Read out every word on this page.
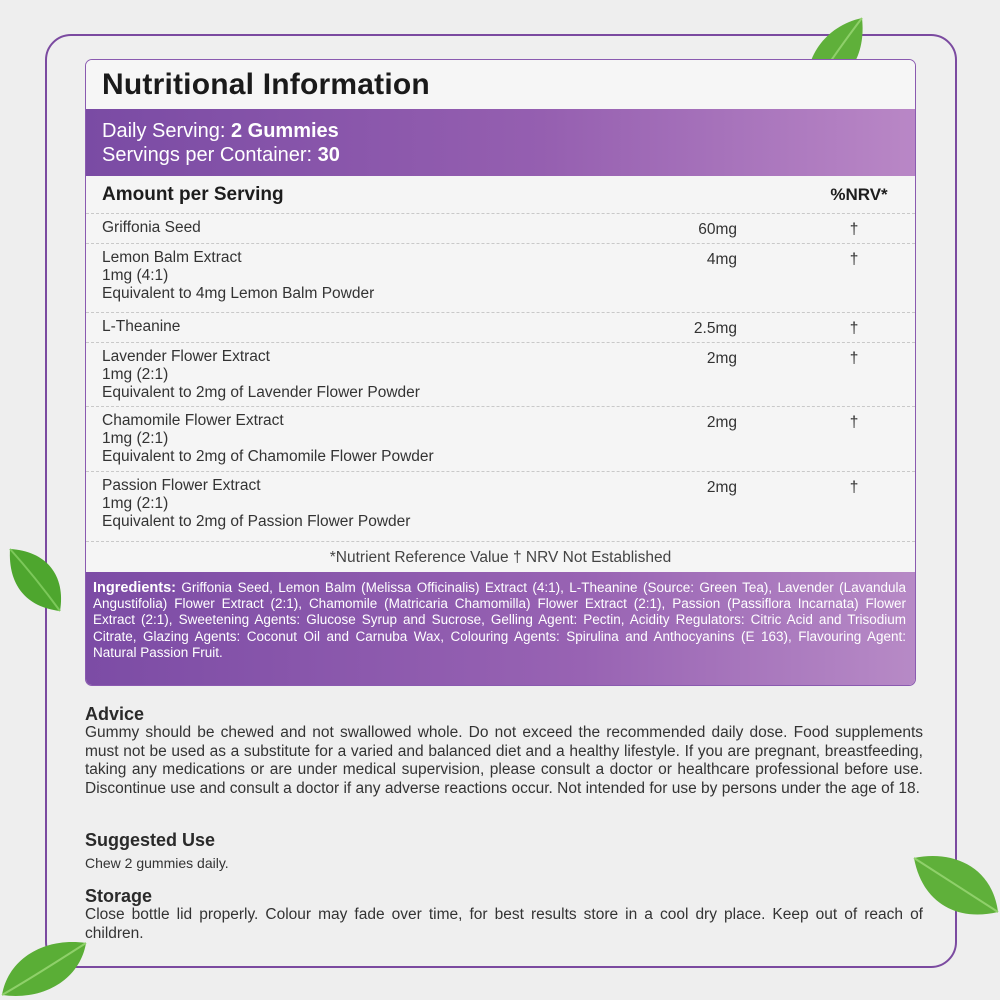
Nutritional Information
Daily Serving: 2 Gummies
Servings per Container: 30
Amount per Serving	%NRV*
Griffonia Seed	60mg	†
Lemon Balm Extract
1mg (4:1)
Equivalent to 4mg Lemon Balm Powder
4mg	†
L-Theanine	2.5mg	†
Lavender Flower Extract
1mg (2:1)
Equivalent to 2mg of Lavender Flower Powder
2mg	†
Chamomile Flower Extract
1mg (2:1)
Equivalent to 2mg of Chamomile Flower Powder
2mg	†
Passion Flower Extract
1mg (2:1)
Equivalent to 2mg of Passion Flower Powder
2mg	†
*Nutrient Reference Value † NRV Not Established
Ingredients: Griffonia Seed, Lemon Balm (Melissa Officinalis) Extract (4:1), L-Theanine (Source: Green Tea), Lavender (Lavandula Angustifolia) Flower Extract (2:1), Chamomile (Matricaria Chamomilla) Flower Extract (2:1), Passion (Passiflora Incarnata) Flower Extract (2:1), Sweetening Agents: Glucose Syrup and Sucrose, Gelling Agent: Pectin, Acidity Regulators: Citric Acid and Trisodium Citrate, Glazing Agents: Coconut Oil and Carnuba Wax, Colouring Agents: Spirulina and Anthocyanins (E 163), Flavouring Agent: Natural Passion Fruit.
Advice

Gummy should be chewed and not swallowed whole. Do not exceed the recommended daily dose. Food supplements must not be used as a substitute for a varied and balanced diet and a healthy lifestyle. If you are pregnant, breastfeeding, taking any medications or are under medical supervision, please consult a doctor or healthcare professional before use. Discontinue use and consult a doctor if any adverse reactions occur. Not intended for use by persons under the age of 18.

Suggested Use

Chew 2 gummies daily.

Storage

Close bottle lid properly. Colour may fade over time, for best results store in a cool dry place. Keep out of reach of children.
